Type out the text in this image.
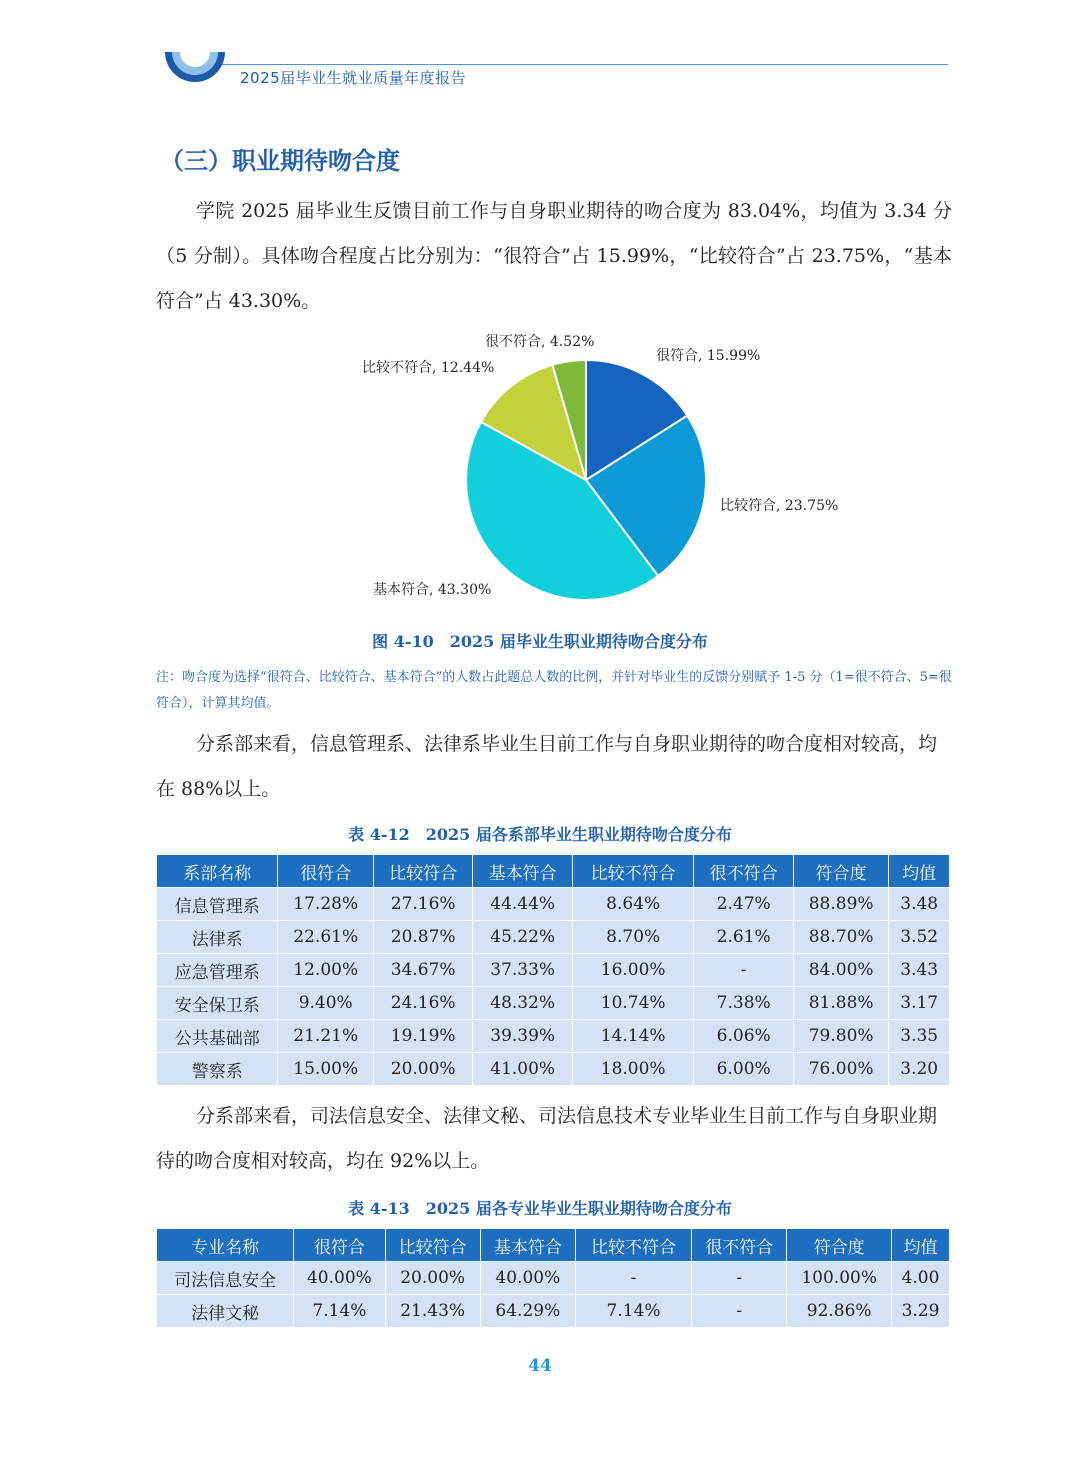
2025届毕业生就业质量年度报告
（三）职业期待吻合度
学院 2025 届毕业生反馈目前工作与自身职业期待的吻合度为 83.04%，均值为 3.34 分（5 分制）。具体吻合程度占比分别为：“很符合”占 15.99%，“比较符合”占 23.75%，“基本符合”占 43.30%。
很不符合, 4.52%
很符合, 15.99%
比较不符合, 12.44%
比较符合, 23.75%
基本符合, 43.30%
图 4-10　2025 届毕业生职业期待吻合度分布
注：吻合度为选择“很符合、比较符合、基本符合”的人数占此题总人数的比例，并针对毕业生的反馈分别赋予 1-5 分（1=很不符合、5=很符合），计算其均值。
分系部来看，信息管理系、法律系毕业生目前工作与自身职业期待的吻合度相对较高，均在 88%以上。
表 4-12　2025 届各系部毕业生职业期待吻合度分布
系部名称	很符合	比较符合	基本符合	比较不符合	很不符合	符合度	均值
信息管理系	17.28%	27.16%	44.44%	8.64%	2.47%	88.89%	3.48
法律系	22.61%	20.87%	45.22%	8.70%	2.61%	88.70%	3.52
应急管理系	12.00%	34.67%	37.33%	16.00%	-	84.00%	3.43
安全保卫系	9.40%	24.16%	48.32%	10.74%	7.38%	81.88%	3.17
公共基础部	21.21%	19.19%	39.39%	14.14%	6.06%	79.80%	3.35
警察系	15.00%	20.00%	41.00%	18.00%	6.00%	76.00%	3.20
分系部来看，司法信息安全、法律文秘、司法信息技术专业毕业生目前工作与自身职业期待的吻合度相对较高，均在 92%以上。
表 4-13　2025 届各专业毕业生职业期待吻合度分布
专业名称	很符合	比较符合	基本符合	比较不符合	很不符合	符合度	均值
司法信息安全	40.00%	20.00%	40.00%	-	-	100.00%	4.00
法律文秘	7.14%	21.43%	64.29%	7.14%	-	92.86%	3.29
44
